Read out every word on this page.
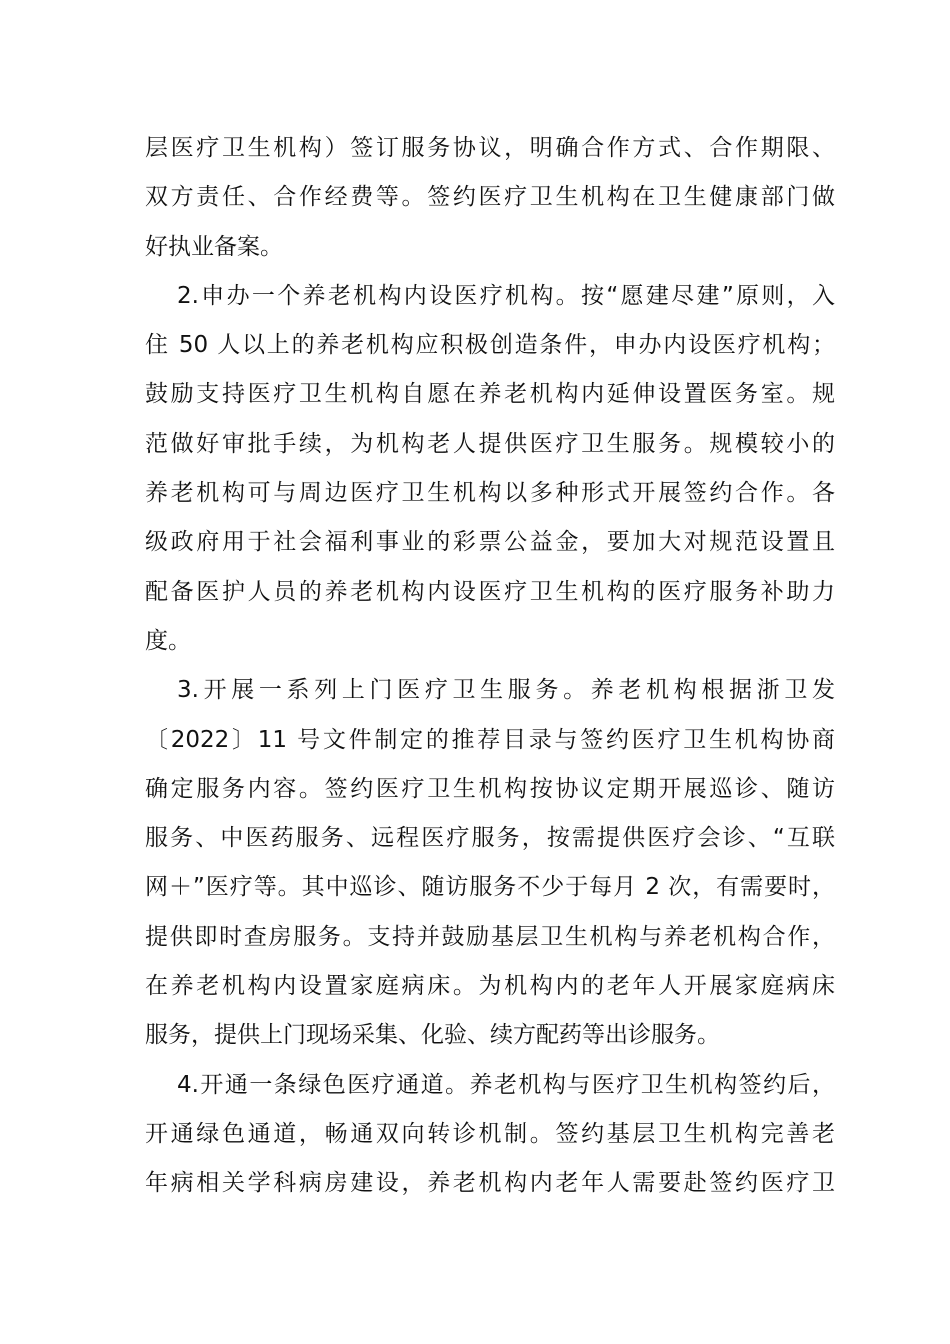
层医疗卫生机构）签订服务协议，明确合作方式、合作期限、
双方责任、合作经费等。签约医疗卫生机构在卫生健康部门做
好执业备案。
2.申办一个养老机构内设医疗机构。按“愿建尽建”原则，入
住 50 人以上的养老机构应积极创造条件，申办内设医疗机构；
鼓励支持医疗卫生机构自愿在养老机构内延伸设置医务室。规
范做好审批手续，为机构老人提供医疗卫生服务。规模较小的
养老机构可与周边医疗卫生机构以多种形式开展签约合作。各
级政府用于社会福利事业的彩票公益金，要加大对规范设置且
配备医护人员的养老机构内设医疗卫生机构的医疗服务补助力
度。
3.开展一系列上门医疗卫生服务。养老机构根据浙卫发
〔2022〕11 号文件制定的推荐目录与签约医疗卫生机构协商
确定服务内容。签约医疗卫生机构按协议定期开展巡诊、随访
服务、中医药服务、远程医疗服务，按需提供医疗会诊、“互联
网＋”医疗等。其中巡诊、随访服务不少于每月 2 次，有需要时，
提供即时查房服务。支持并鼓励基层卫生机构与养老机构合作，
在养老机构内设置家庭病床。为机构内的老年人开展家庭病床
服务，提供上门现场采集、化验、续方配药等出诊服务。
4.开通一条绿色医疗通道。养老机构与医疗卫生机构签约后，
开通绿色通道，畅通双向转诊机制。签约基层卫生机构完善老
年病相关学科病房建设，养老机构内老年人需要赴签约医疗卫
